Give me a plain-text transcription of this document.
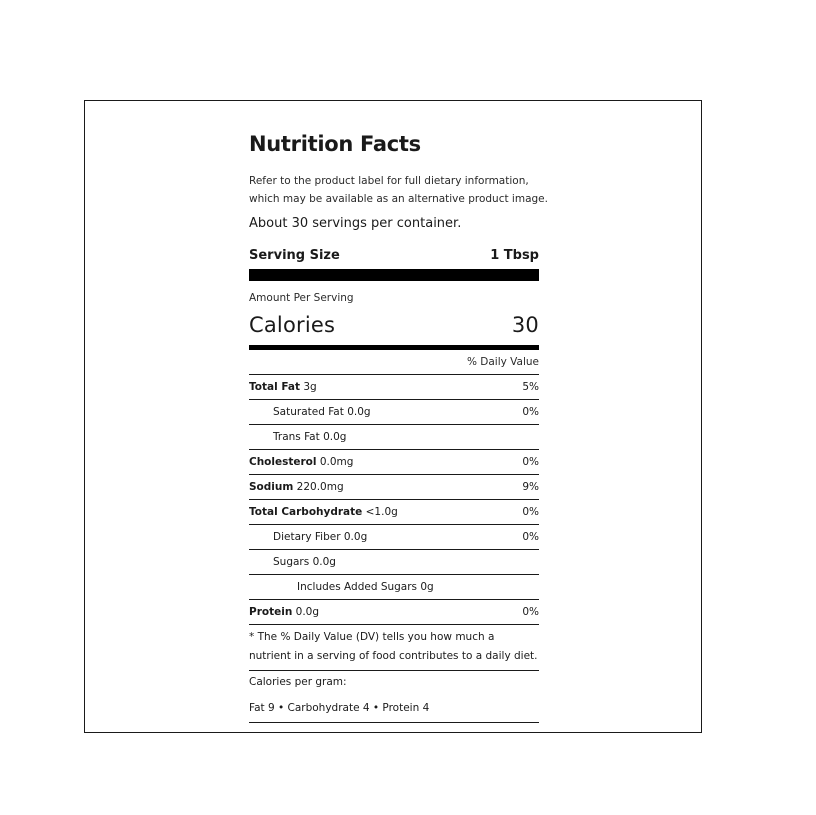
Nutrition Facts
Refer to the product label for full dietary information, which may be available as an alternative product image.
About 30 servings per container.
Serving Size	1 Tbsp
Amount Per Serving
Calories	30
% Daily Value
Total Fat 3g	5%
Saturated Fat 0.0g	0%
Trans Fat 0.0g
Cholesterol 0.0mg	0%
Sodium 220.0mg	9%
Total Carbohydrate <1.0g	0%
Dietary Fiber 0.0g	0%
Sugars 0.0g
Includes Added Sugars 0g
Protein 0.0g	0%
* The % Daily Value (DV) tells you how much a nutrient in a serving of food contributes to a daily diet.
Calories per gram:
Fat 9 • Carbohydrate 4 • Protein 4
